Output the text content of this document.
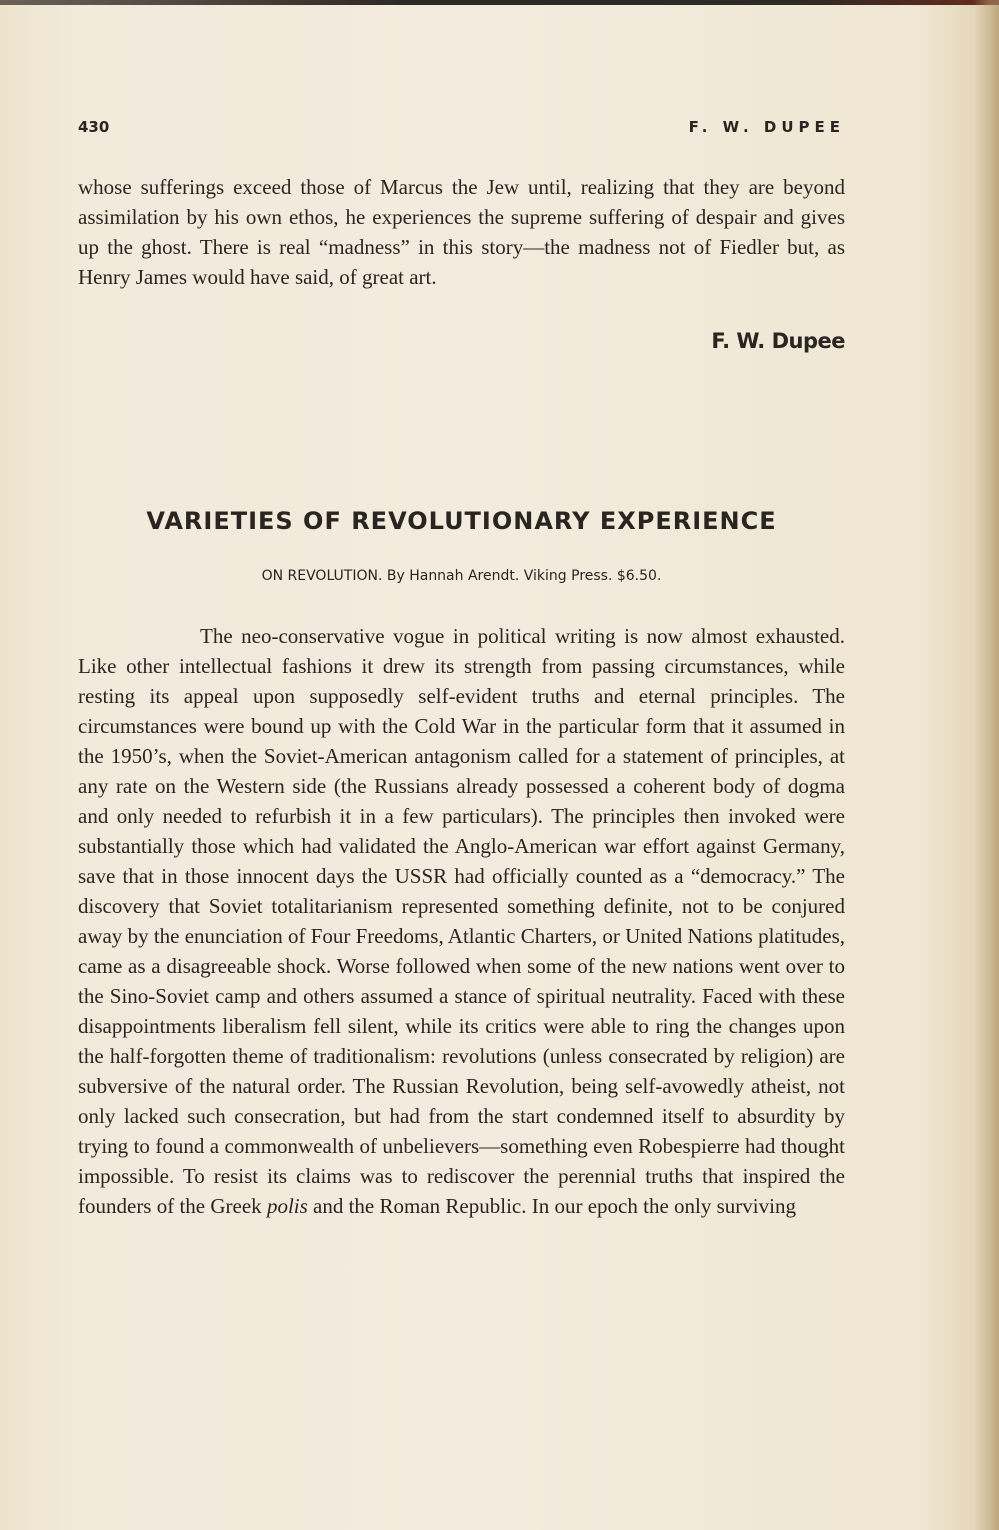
430	F. W. DUPEE

whose sufferings exceed those of Marcus the Jew until, realizing that they are beyond assimilation by his own ethos, he experiences the supreme suffering of despair and gives up the ghost. There is real “madness” in this story—the madness not of Fiedler but, as Henry James would have said, of great art.

F. W. Dupee
VARIETIES OF REVOLUTIONARY EXPERIENCE
ON REVOLUTION. By Hannah Arendt. Viking Press. $6.50.

The neo-conservative vogue in political writing is now almost exhausted. Like other intellectual fashions it drew its strength from passing circumstances, while resting its appeal upon supposedly self-evident truths and eternal principles. The circumstances were bound up with the Cold War in the particular form that it assumed in the 1950’s, when the Soviet-American antagonism called for a statement of principles, at any rate on the Western side (the Russians already possessed a coherent body of dogma and only needed to refurbish it in a few particulars). The principles then invoked were substantially those which had validated the Anglo-American war effort against Germany, save that in those innocent days the USSR had officially counted as a “democracy.” The discovery that Soviet totalitarianism represented something definite, not to be conjured away by the enunciation of Four Freedoms, Atlantic Charters, or United Nations platitudes, came as a disagreeable shock. Worse followed when some of the new nations went over to the Sino-Soviet camp and others assumed a stance of spiritual neutrality. Faced with these disappointments liberalism fell silent, while its critics were able to ring the changes upon the half-forgotten theme of traditionalism: revolutions (unless consecrated by religion) are subversive of the natural order. The Russian Revolution, being self-avowedly atheist, not only lacked such consecration, but had from the start condemned itself to absurdity by trying to found a commonwealth of unbelievers—something even Robespierre had thought impossible. To resist its claims was to rediscover the perennial truths that inspired the founders of the Greek polis and the Roman Republic. In our epoch the only surviving
